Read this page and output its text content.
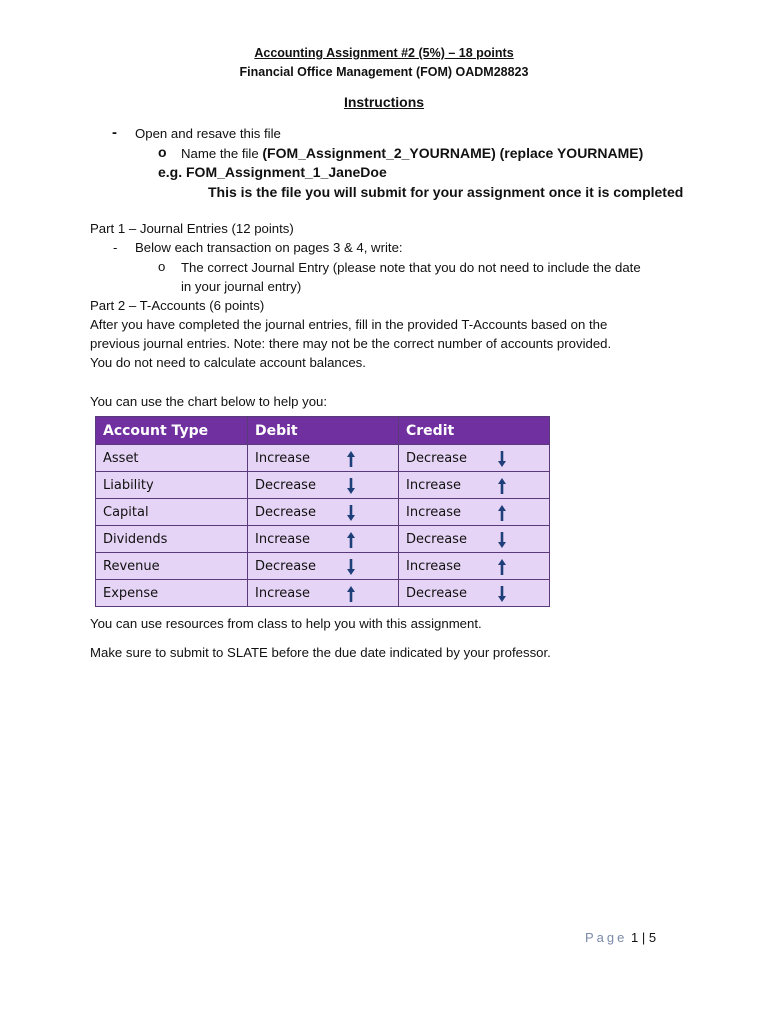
Accounting Assignment #2 (5%) – 18 points
Financial Office Management (FOM) OADM28823
Instructions
- Open and resave this file
o Name the file (FOM_Assignment_2_YOURNAME) (replace YOURNAME)
e.g. FOM_Assignment_1_JaneDoe
This is the file you will submit for your assignment once it is completed
Part 1 – Journal Entries (12 points)
- Below each transaction on pages 3 & 4, write:
o The correct Journal Entry (please note that you do not need to include the date
in your journal entry)
Part 2 – T-Accounts (6 points)
After you have completed the journal entries, fill in the provided T-Accounts based on the
previous journal entries. Note: there may not be the correct number of accounts provided.
You do not need to calculate account balances.
You can use the chart below to help you:
Account Type	Debit	Credit
Asset	Increase	Decrease

Liability	Decrease	Increase

Capital	Decrease	Increase

Dividends	Increase	Decrease

Revenue	Decrease	Increase

Expense	Increase	Decrease
You can use resources from class to help you with this assignment.
Make sure to submit to SLATE before the due date indicated by your professor.
Page 1 | 5
